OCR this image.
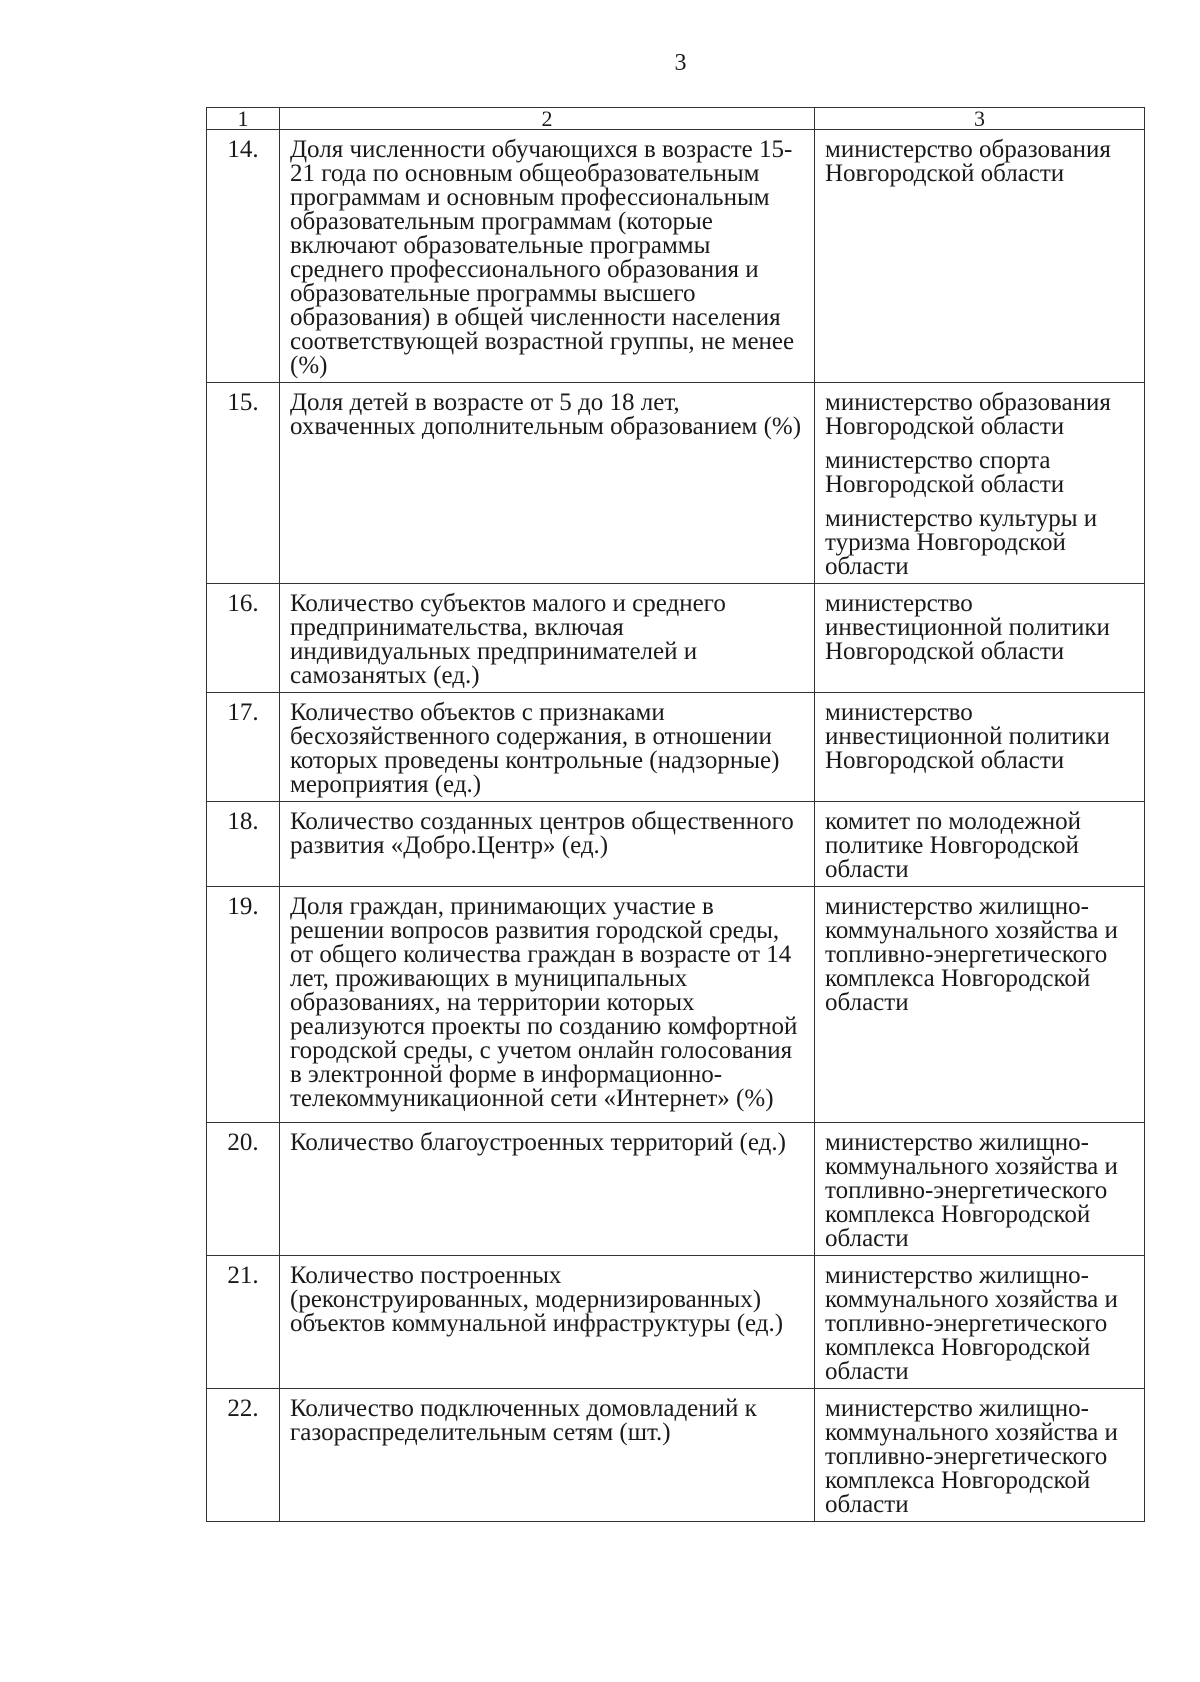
3
1	2	3
14.	Доля численности обучающихся в возрасте 15-21 года по основным общеобразовательным программам и основным профессиональным образовательным программам (которые включают образовательные программы среднего профессионального образования и образовательные программы высшего образования) в общей численности населения соответствующей возрастной группы, не менее (%)	министерство образования Новгородской области

15.	Доля детей в возрасте от 5 до 18 лет, охваченных дополнительным образованием (%)	министерство образования Новгородской области
министерство спорта Новгородской области
министерство культуры и туризма Новгородской области

16.	Количество субъектов малого и среднего предпринимательства, включая индивидуальных предпринимателей и самозанятых (ед.)	министерство инвестиционной политики Новгородской области

17.	Количество объектов с признаками бесхозяйственного содержания, в отношении которых проведены контрольные (надзорные) мероприятия (ед.)	министерство инвестиционной политики Новгородской области

18.	Количество созданных центров общественного развития «Добро.Центр» (ед.)	комитет по молодежной политике Новгородской области

19.	Доля граждан, принимающих участие в решении вопросов развития городской среды, от общего количества граждан в возрасте от 14 лет, проживающих в муниципальных образованиях, на территории которых реализуются проекты по созданию комфортной городской среды, с учетом онлайн голосования в электронной форме в информационно-телекоммуникационной сети «Интернет» (%)	министерство жилищно-коммунального хозяйства и топливно-энергетического комплекса Новгородской области

20.	Количество благоустроенных территорий (ед.)	министерство жилищно-коммунального хозяйства и топливно-энергетического комплекса Новгородской области

21.	Количество построенных (реконструированных, модернизированных) объектов коммунальной инфраструктуры (ед.)	министерство жилищно-коммунального хозяйства и топливно-энергетического комплекса Новгородской области

22.	Количество подключенных домовладений к газораспределительным сетям (шт.)	министерство жилищно-коммунального хозяйства и топливно-энергетического комплекса Новгородской области
